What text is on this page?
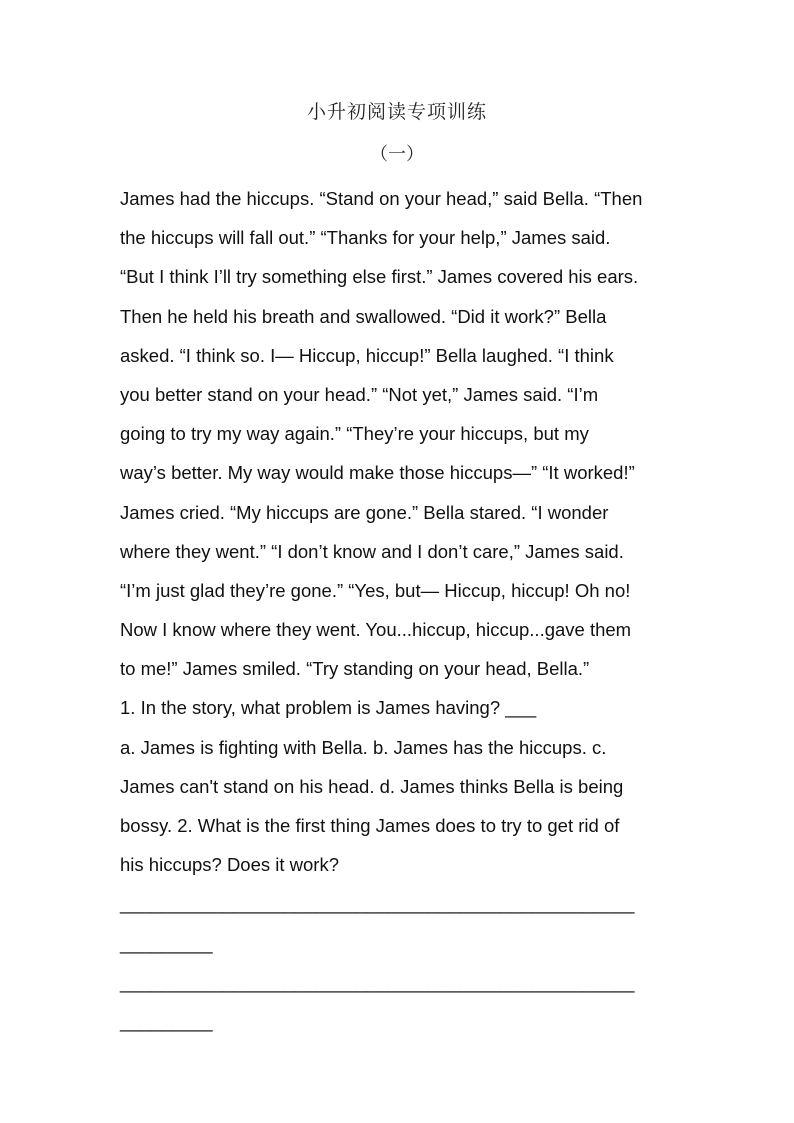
小升初阅读专项训练
（一）
James had the hiccups. “Stand on your head,” said Bella. “Then
the hiccups will fall out.” “Thanks for your help,” James said.
“But I think I’ll try something else first.” James covered his ears.
Then he held his breath and swallowed. “Did it work?” Bella
asked. “I think so. I— Hiccup, hiccup!” Bella laughed. “I think
you better stand on your head.” “Not yet,” James said. “I’m
going to try my way again.” “They’re your hiccups, but my
way’s better. My way would make those hiccups—” “It worked!”
James cried. “My hiccups are gone.” Bella stared. “I wonder
where they went.” “I don’t know and I don’t care,” James said.
“I’m just glad they’re gone.” “Yes, but— Hiccup, hiccup! Oh no!
Now I know where they went. You...hiccup, hiccup...gave them
to me!” James smiled. “Try standing on your head, Bella.”
1. In the story, what problem is James having? ___
a. James is fighting with Bella. b. James has the hiccups. c.
James can't stand on his head. d. James thinks Bella is being
bossy. 2. What is the first thing James does to try to get rid of
his hiccups? Does it work?
__________________________________________________
_________
__________________________________________________
_________
